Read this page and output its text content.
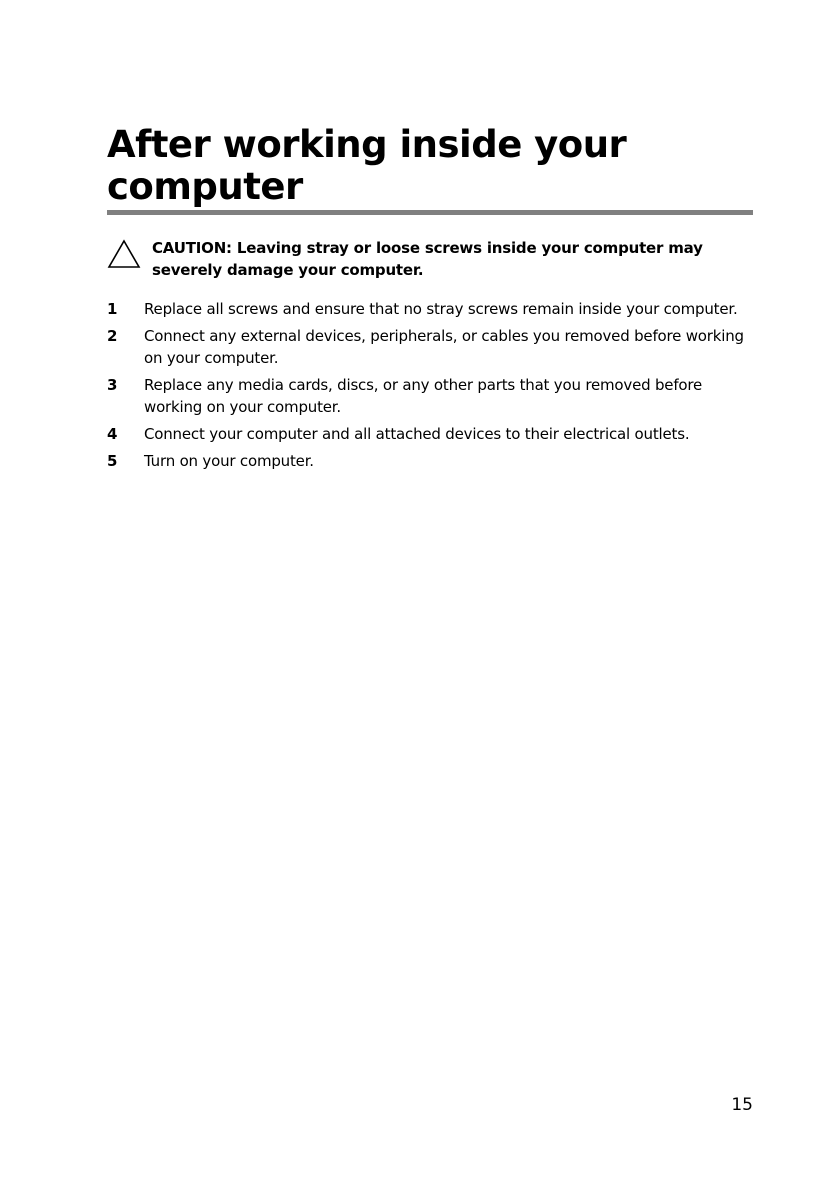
After working inside your computer
CAUTION: Leaving stray or loose screws inside your computer may severely damage your computer.
1 Replace all screws and ensure that no stray screws remain inside your computer.
2 Connect any external devices, peripherals, or cables you removed before working on your computer.
3 Replace any media cards, discs, or any other parts that you removed before working on your computer.
4 Connect your computer and all attached devices to their electrical outlets.
5 Turn on your computer.
15
